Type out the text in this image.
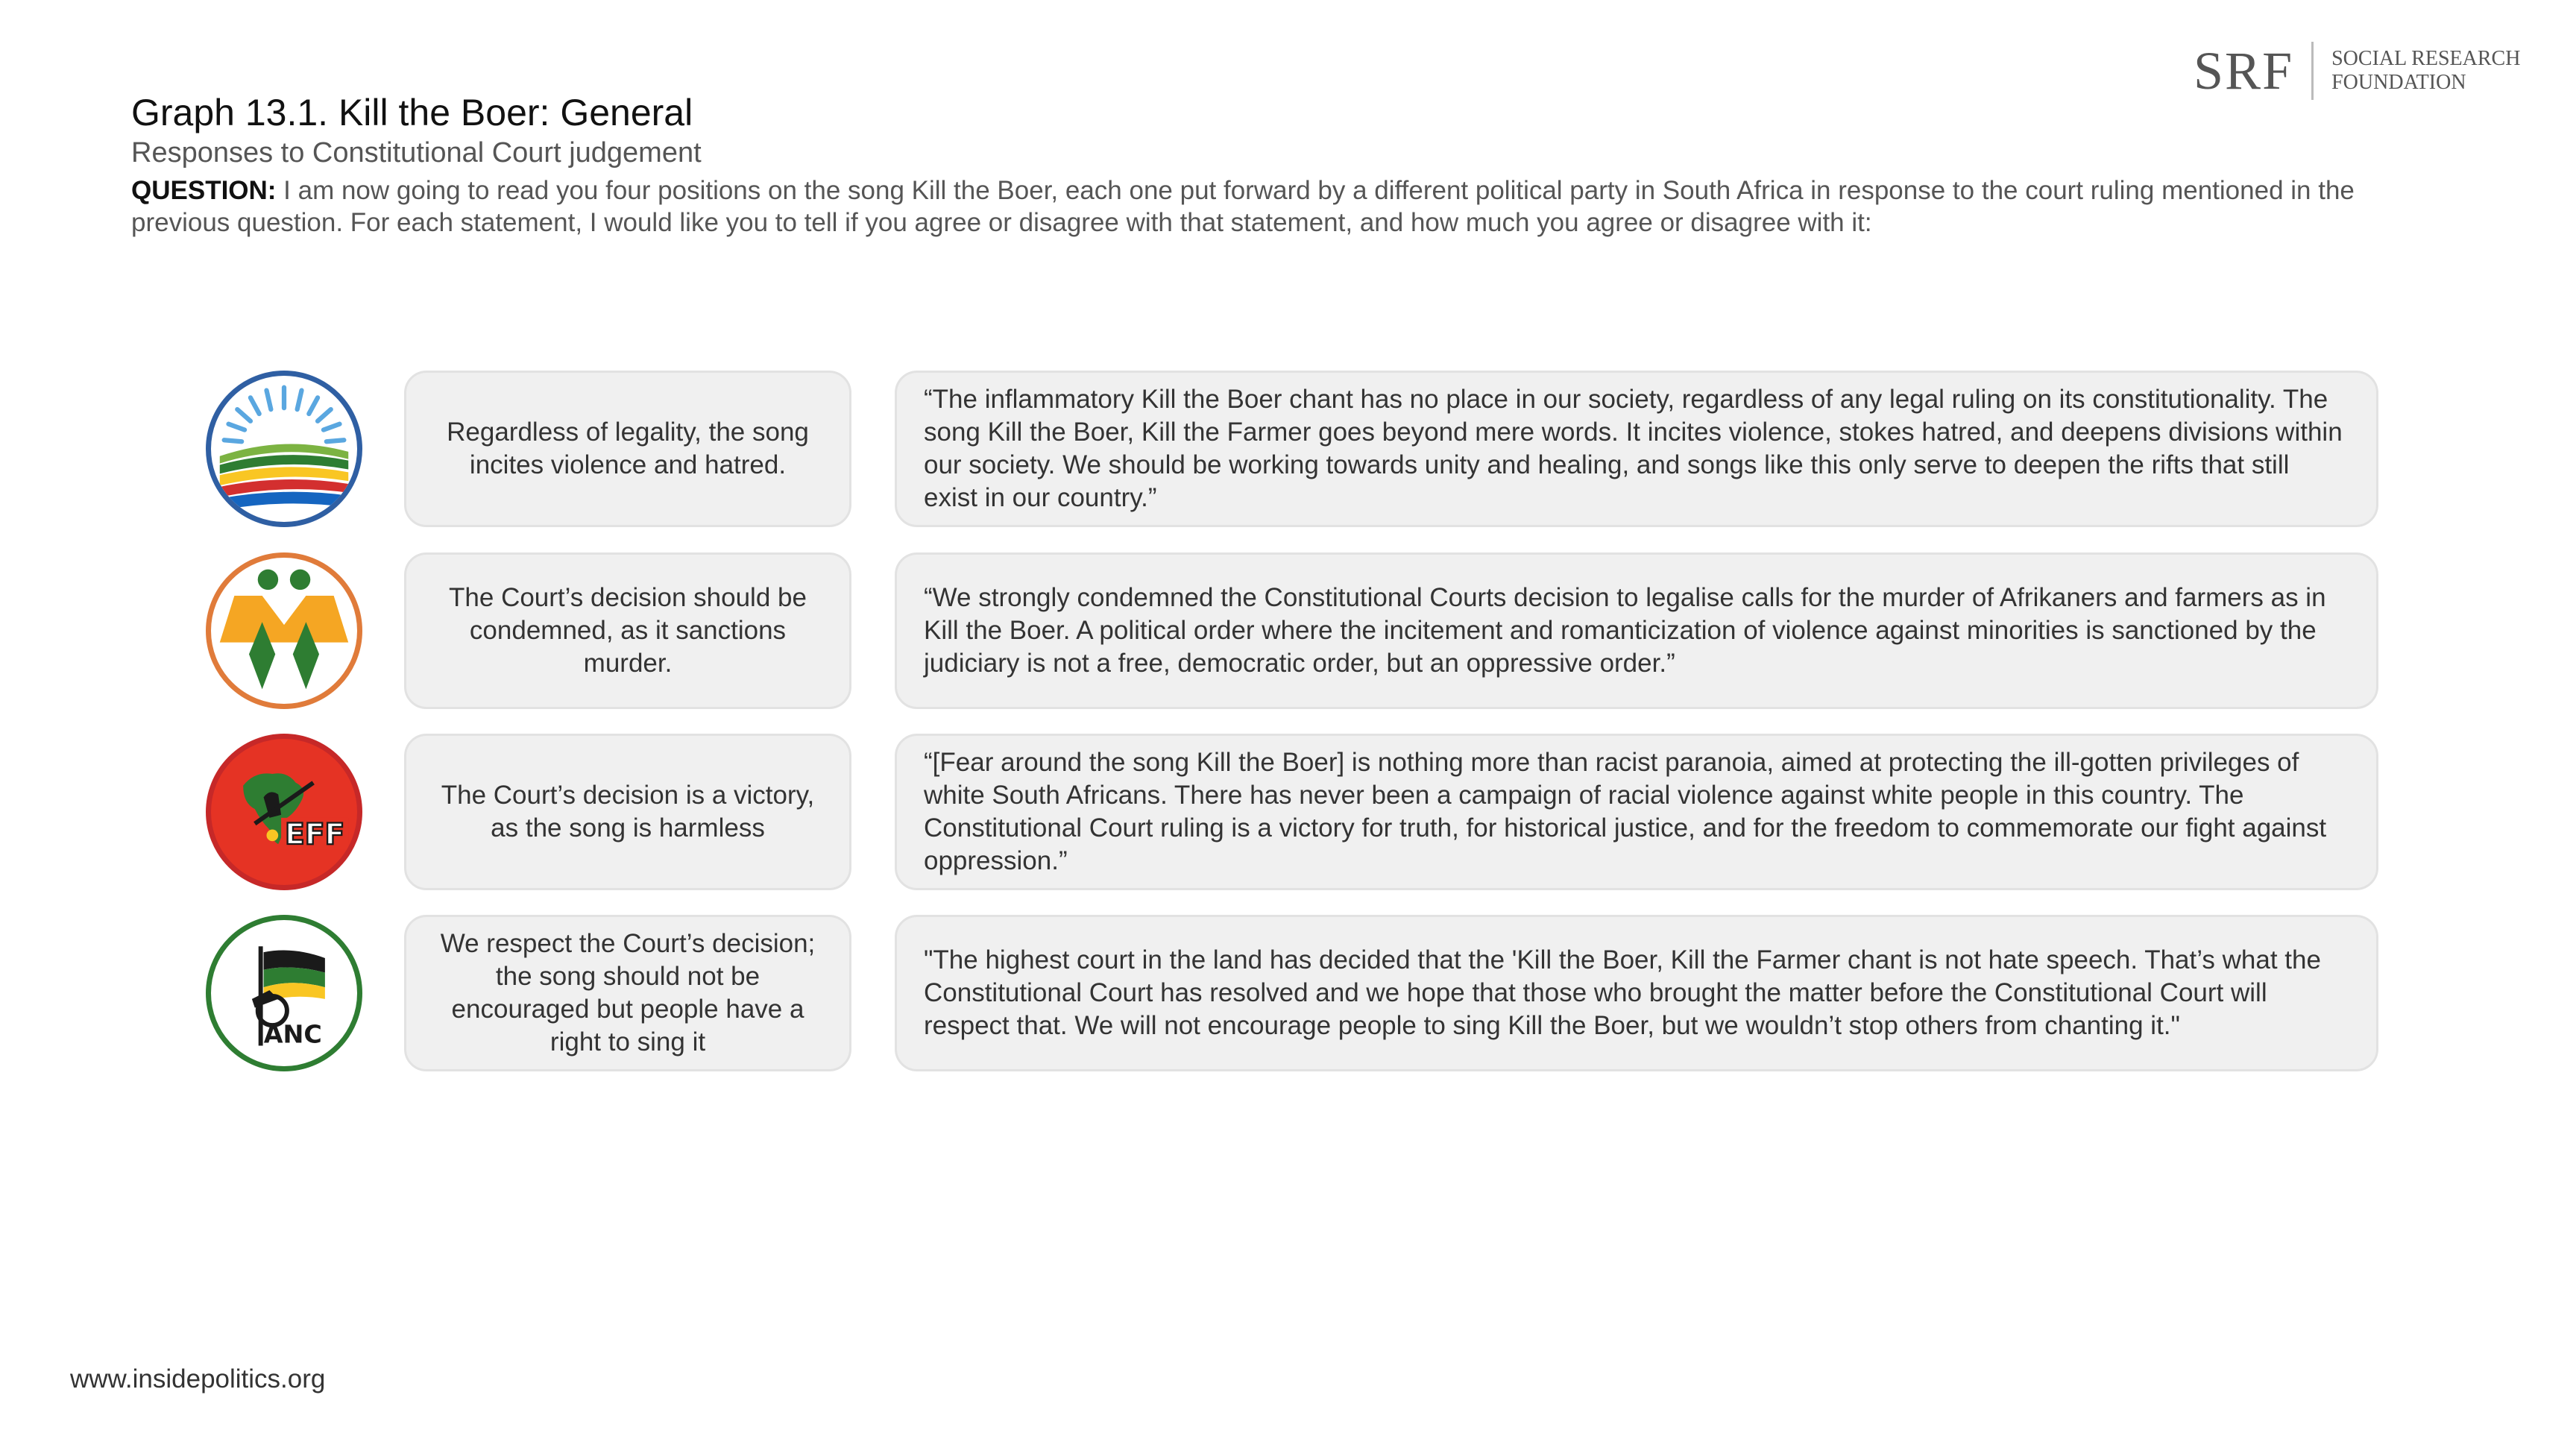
SRF SOCIAL RESEARCH
FOUNDATION
Graph 13.1. Kill the Boer: General
Responses to Constitutional Court judgement
QUESTION: I am now going to read you four positions on the song Kill the Boer, each one put forward by a different political party in South Africa in response to the court ruling mentioned in the previous question. For each statement, I would like you to tell if you agree or disagree with that statement, and how much you agree or disagree with it:
Regardless of legality, the song incites violence and hatred.
“The inflammatory Kill the Boer chant has no place in our society, regardless of any legal ruling on its constitutionality. The song Kill the Boer, Kill the Farmer goes beyond mere words. It incites violence, stokes hatred, and deepens divisions within our society. We should be working towards unity and healing, and songs like this only serve to deepen the rifts that still exist in our country.”
The Court’s decision should be condemned, as it sanctions murder.
“We strongly condemned the Constitutional Courts decision to legalise calls for the murder of Afrikaners and farmers as in Kill the Boer. A political order where the incitement and romanticization of violence against minorities is sanctioned by the judiciary is not a free, democratic order, but an oppressive order.”
EFF
The Court’s decision is a victory, as the song is harmless
“[Fear around the song Kill the Boer] is nothing more than racist paranoia, aimed at protecting the ill-gotten privileges of white South Africans. There has never been a campaign of racial violence against white people in this country. The Constitutional Court ruling is a victory for truth, for historical justice, and for the freedom to commemorate our fight against oppression.”
ANC
We respect the Court’s decision; the song should not be encouraged but people have a right to sing it
"The highest court in the land has decided that the 'Kill the Boer, Kill the Farmer chant is not hate speech. That’s what the Constitutional Court has resolved and we hope that those who brought the matter before the Constitutional Court will respect that. We will not encourage people to sing Kill the Boer, but we wouldn’t stop others from chanting it."
www.insidepolitics.org
